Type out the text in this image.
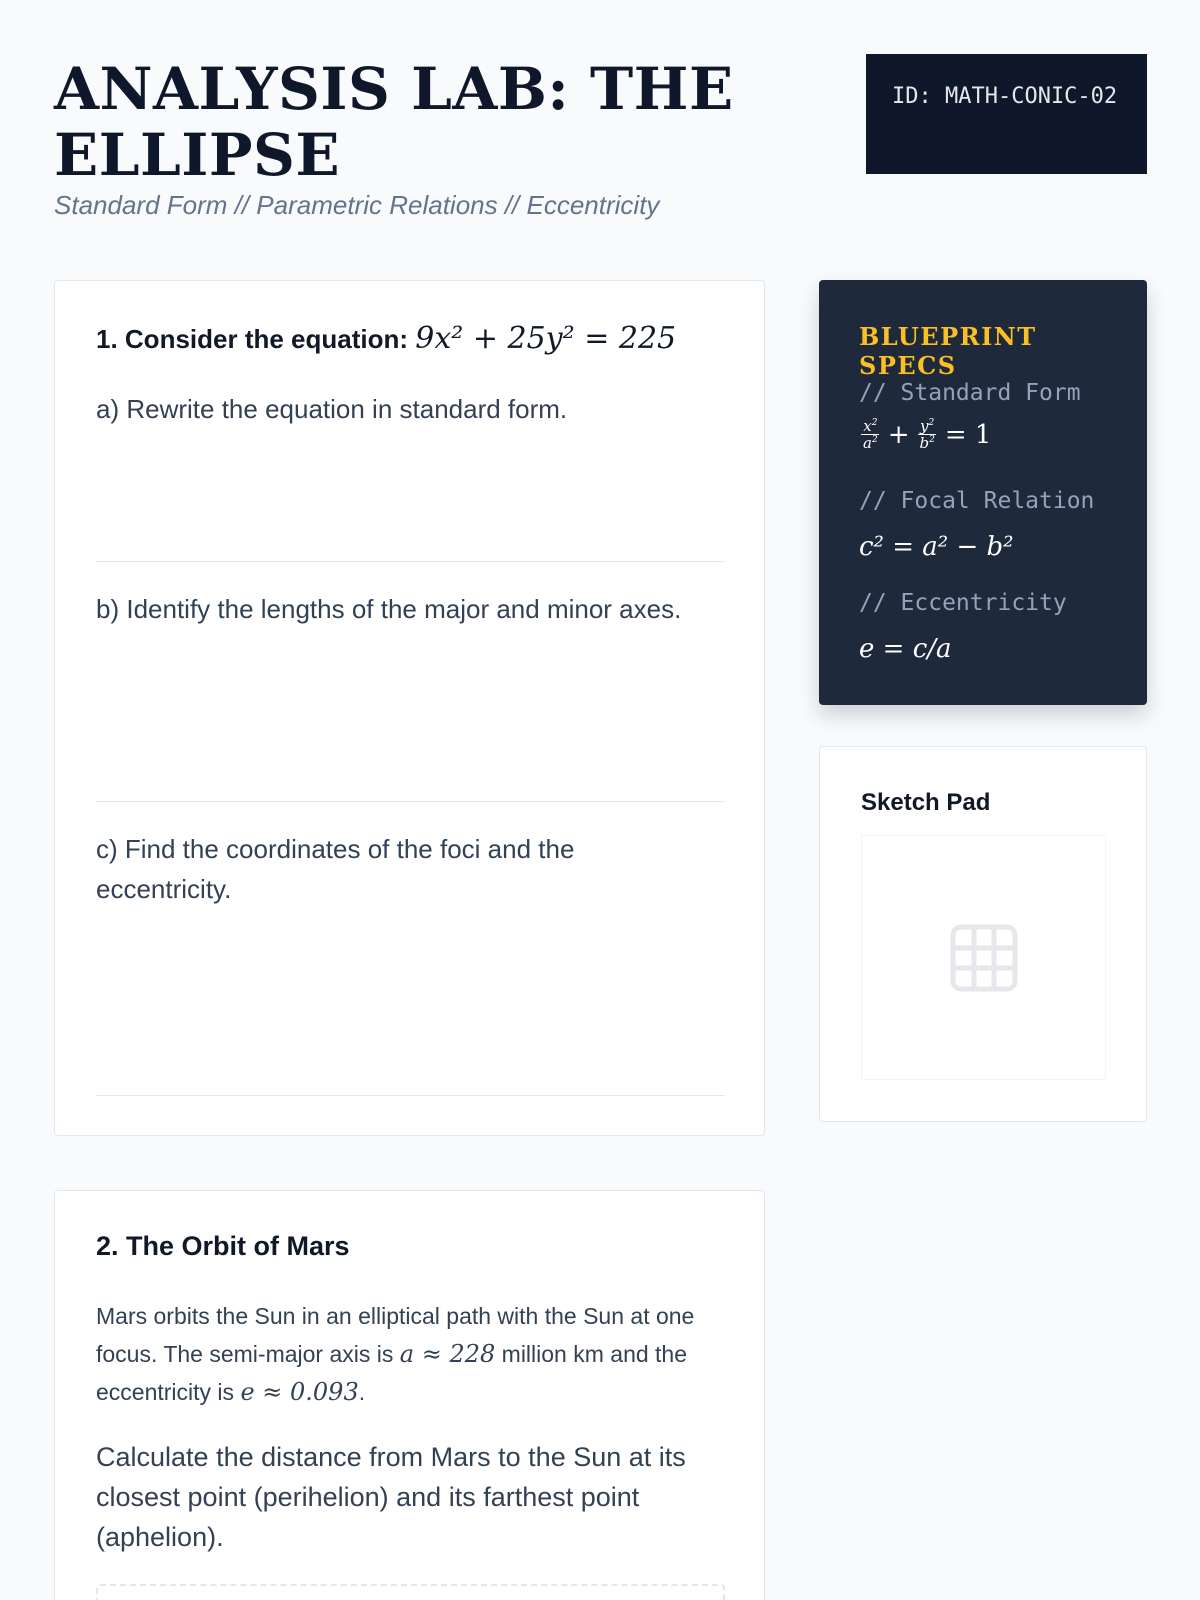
ANALYSIS LAB: THE ELLIPSE
Standard Form // Parametric Relations // Eccentricity
ID: MATH-CONIC-02
1. Consider the equation: 9x² + 25y² = 225
a) Rewrite the equation in standard form.
b) Identify the lengths of the major and minor axes.
c) Find the coordinates of the foci and the eccentricity.
2. The Orbit of Mars
Mars orbits the Sun in an elliptical path with the Sun at one focus. The semi-major axis is a ≈ 228 million km and the eccentricity is e ≈ 0.093.
Calculate the distance from Mars to the Sun at its closest point (perihelion) and its farthest point (aphelion).
BLUEPRINT SPECS
// Standard Form
$\frac{x^2}{a^2} + \frac{y^2}{b^2} = 1$
// Focal Relation
c² = a² − b²
// Eccentricity
e = c/a
Sketch Pad
